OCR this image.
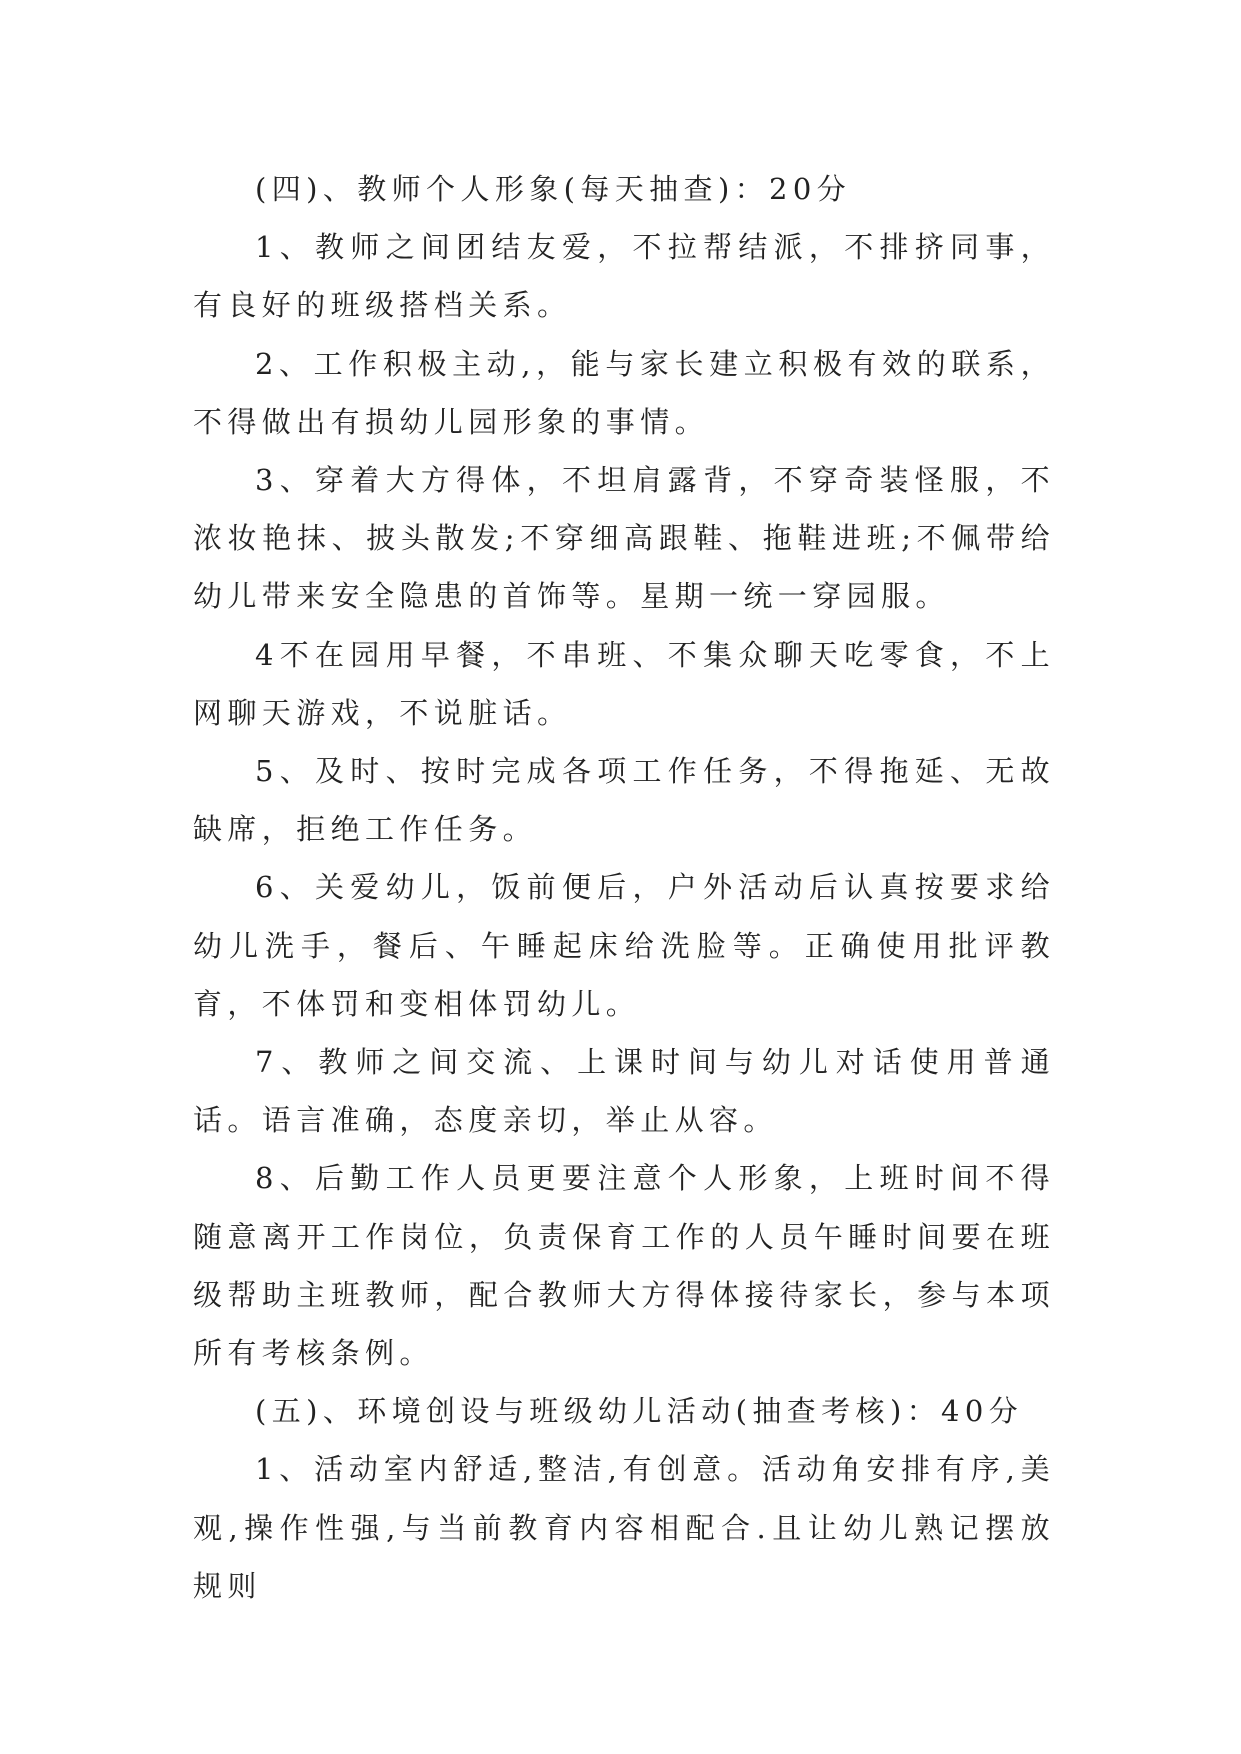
(四)、教师个人形象(每天抽查)：20分

1、教师之间团结友爱，不拉帮结派，不排挤同事，有良好的班级搭档关系。

2、工作积极主动,，能与家长建立积极有效的联系，不得做出有损幼儿园形象的事情。

3、穿着大方得体，不坦肩露背，不穿奇装怪服，不浓妆艳抹、披头散发;不穿细高跟鞋、拖鞋进班;不佩带给幼儿带来安全隐患的首饰等。星期一统一穿园服。

4不在园用早餐，不串班、不集众聊天吃零食，不上网聊天游戏，不说脏话。

5、及时、按时完成各项工作任务，不得拖延、无故缺席，拒绝工作任务。

6、关爱幼儿，饭前便后，户外活动后认真按要求给幼儿洗手，餐后、午睡起床给洗脸等。正确使用批评教育，不体罚和变相体罚幼儿。

7、教师之间交流、上课时间与幼儿对话使用普通话。语言准确，态度亲切，举止从容。

8、后勤工作人员更要注意个人形象，上班时间不得随意离开工作岗位，负责保育工作的人员午睡时间要在班级帮助主班教师，配合教师大方得体接待家长，参与本项所有考核条例。

(五)、环境创设与班级幼儿活动(抽查考核)：40分

1、活动室内舒适,整洁,有创意。活动角安排有序,美观,操作性强,与当前教育内容相配合.且让幼儿熟记摆放规则
